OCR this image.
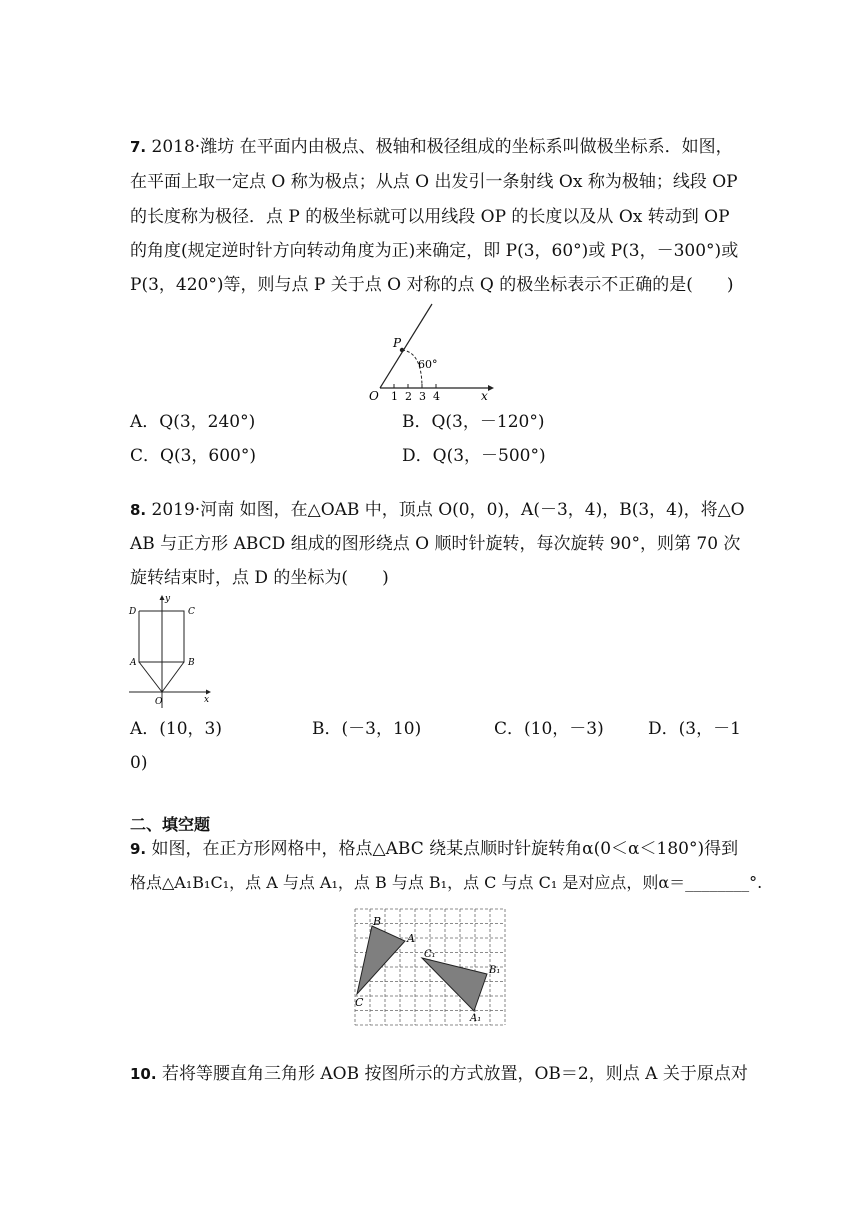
7. 2018·潍坊 在平面内由极点、极轴和极径组成的坐标系叫做极坐标系．如图，
在平面上取一定点 O 称为极点；从点 O 出发引一条射线 Ox 称为极轴；线段 OP
的长度称为极径．点 P 的极坐标就可以用线段 OP 的长度以及从 Ox 转动到 OP
的角度(规定逆时针方向转动角度为正)来确定，即 P(3，60°)或 P(3，－300°)或
P(3，420°)等，则与点 P 关于点 O 对称的点 Q 的极坐标表示不正确的是(　　)
P
60°
O 1 2 3 4	x
A．Q(3，240°)	B．Q(3，－120°)
C．Q(3，600°)	D．Q(3，－500°)
8. 2019·河南 如图，在△OAB 中，顶点 O(0，0)，A(－3，4)，B(3，4)，将△O
AB 与正方形 ABCD 组成的图形绕点 O 顺时针旋转，每次旋转 90°，则第 70 次
旋转结束时，点 D 的坐标为(　　)
y
D	C
A	B
O	x
A．(10，3)	B．(－3，10)	C．(10，－3)	D．(3，－1
0)
二、填空题
9. 如图，在正方形网格中，格点△ABC 绕某点顺时针旋转角α(0＜α＜180°)得到
格点△A₁B₁C₁，点 A 与点 A₁，点 B 与点 B₁，点 C 与点 C₁ 是对应点，则α＝________°.
B
A
C
C₁
B₁
A₁
10. 若将等腰直角三角形 AOB 按图所示的方式放置，OB＝2，则点 A 关于原点对
